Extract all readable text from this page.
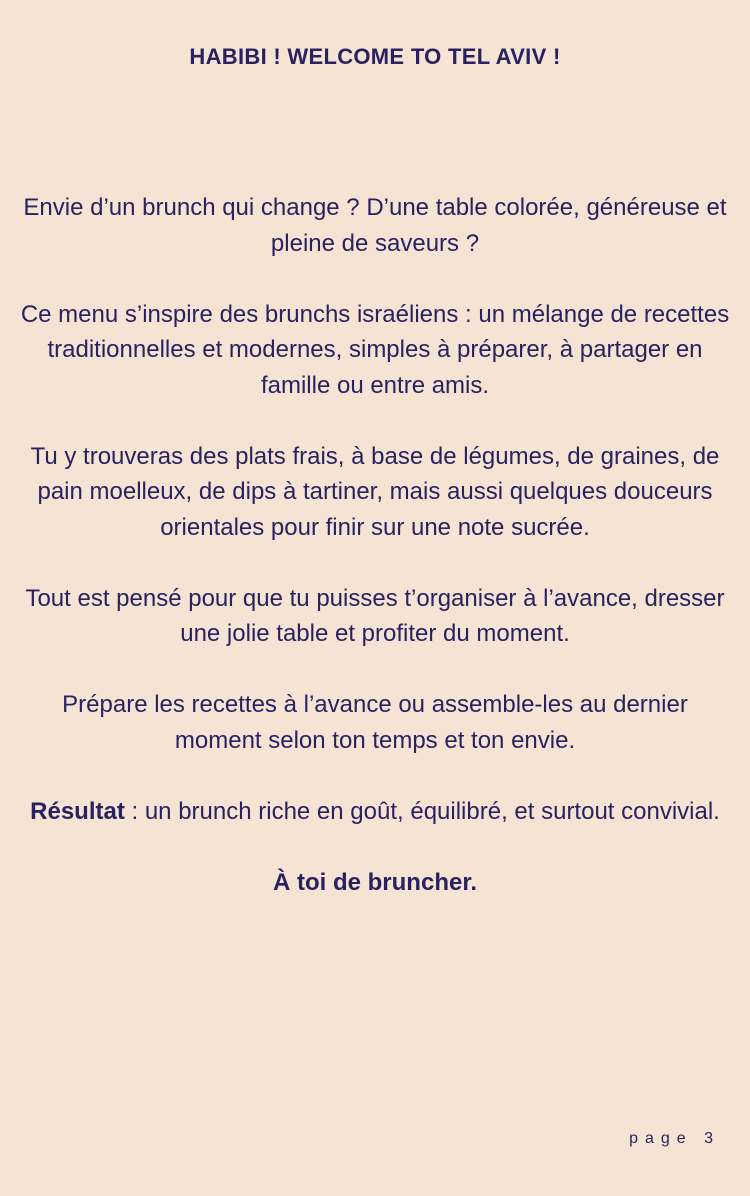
HABIBI ! WELCOME TO TEL AVIV !

Envie d’un brunch qui change ? D’une table colorée, généreuse et pleine de saveurs ?

Ce menu s’inspire des brunchs israéliens : un mélange de recettes traditionnelles et modernes, simples à préparer, à partager en famille ou entre amis.

Tu y trouveras des plats frais, à base de légumes, de graines, de pain moelleux, de dips à tartiner, mais aussi quelques douceurs orientales pour finir sur une note sucrée.

Tout est pensé pour que tu puisses t’organiser à l’avance, dresser une jolie table et profiter du moment.

Prépare les recettes à l’avance ou assemble-les au dernier moment selon ton temps et ton envie.

Résultat : un brunch riche en goût, équilibré, et surtout convivial.

À toi de bruncher.

page 3
